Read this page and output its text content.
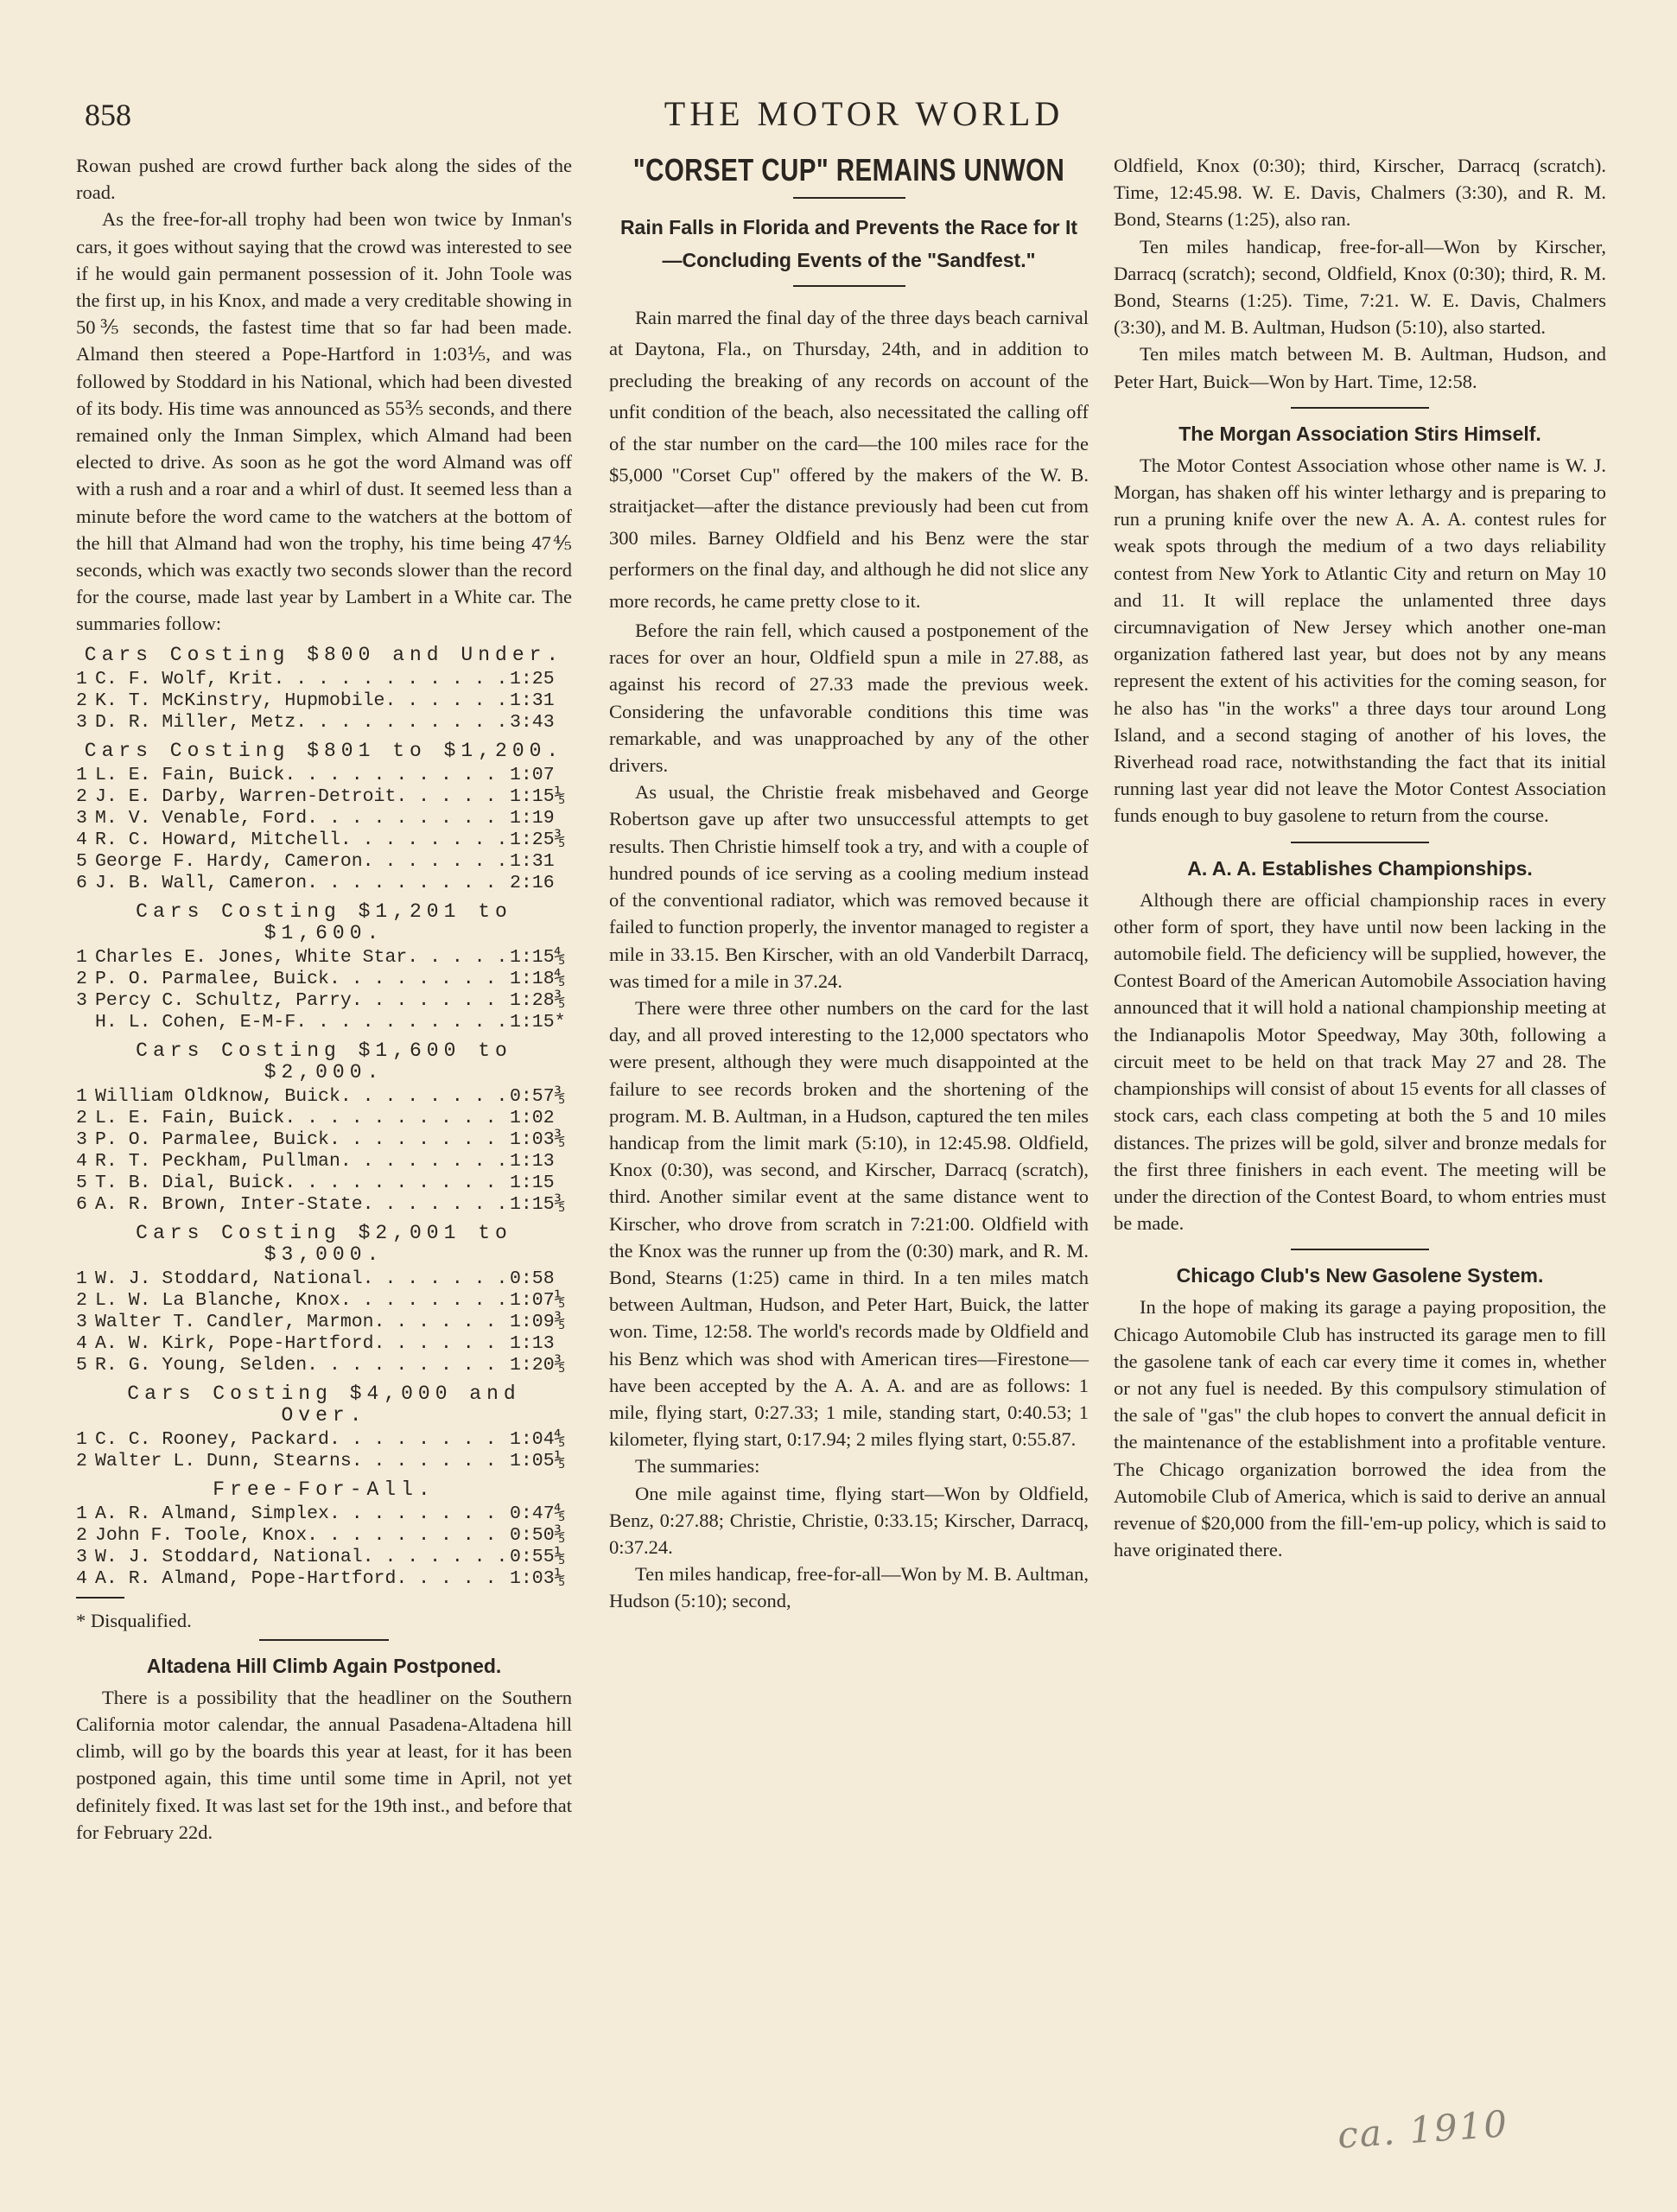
858	THE MOTOR WORLD

Rowan pushed are crowd further back along the sides of the road.

As the free-for-all trophy had been won twice by Inman's cars, it goes without saying that the crowd was interested to see if he would gain permanent possession of it. John Toole was the first up, in his Knox, and made a very creditable showing in 50⅗ seconds, the fastest time that so far had been made. Almand then steered a Pope-Hartford in 1:03⅕, and was followed by Stoddard in his National, which had been divested of its body. His time was announced as 55⅗ seconds, and there remained only the Inman Simplex, which Almand had been elected to drive. As soon as he got the word Almand was off with a rush and a roar and a whirl of dust. It seemed less than a minute before the word came to the watchers at the bottom of the hill that Almand had won the trophy, his time being 47⅘ seconds, which was exactly two seconds slower than the record for the course, made last year by Lambert in a White car. The summaries follow:

Cars Costing $800 and Under.
1 C. F. Wolf, Krit . . .	1:25
2 K. T. McKinstry, Hupmobile . . .	1:31
3 D. R. Miller, Metz . . .	3:43
Cars Costing $801 to $1,200.
1 L. E. Fain, Buick . . .	1:07
2 J. E. Darby, Warren-Detroit . . .	1:15⅕
3 M. V. Venable, Ford . . .	1:19
4 R. C. Howard, Mitchell . . .	1:25⅗
5 George F. Hardy, Cameron . . .	1:31
6 J. B. Wall, Cameron . . .	2:16
Cars Costing $1,201 to $1,600.
1 Charles E. Jones, White Star . . .	1:15⅘
2 P. O. Parmalee, Buick . . .	1:18⅘
3 Percy C. Schultz, Parry . . .	1:28⅗
H. L. Cohen, E-M-F . . .	1:15*
Cars Costing $1,600 to $2,000.
1 William Oldknow, Buick . . .	0:57⅗
2 L. E. Fain, Buick . . .	1:02
3 P. O. Parmalee, Buick . . .	1:03⅗
4 R. T. Peckham, Pullman . . .	1:13
5 T. B. Dial, Buick . . .	1:15
6 A. R. Brown, Inter-State . . .	1:15⅗
Cars Costing $2,001 to $3,000.
1 W. J. Stoddard, National . . .	0:58
2 L. W. La Blanche, Knox . . .	1:07⅕
3 Walter T. Candler, Marmon . . .	1:09⅗
4 A. W. Kirk, Pope-Hartford . . .	1:13
5 R. G. Young, Selden . . .	1:20⅗
Cars Costing $4,000 and Over.
1 C. C. Rooney, Packard . . .	1:04⅘
2 Walter L. Dunn, Stearns . . .	1:05⅕
Free-For-All.
1 A. R. Almand, Simplex . . .	0:47⅘
2 John F. Toole, Knox . . .	0:50⅗
3 W. J. Stoddard, National . . .	0:55⅕
4 A. R. Almand, Pope-Hartford . . .	1:03⅕

* Disqualified.

Altadena Hill Climb Again Postponed.

There is a possibility that the headliner on the Southern California motor calendar, the annual Pasadena-Altadena hill climb, will go by the boards this year at least, for it has been postponed again, this time until some time in April, not yet definitely fixed. It was last set for the 19th inst., and before that for February 22d.

"CORSET CUP" REMAINS UNWON
Rain Falls in Florida and Prevents the Race for It—Concluding Events of the "Sandfest."

Rain marred the final day of the three days beach carnival at Daytona, Fla., on Thursday, 24th, and in addition to precluding the breaking of any records on account of the unfit condition of the beach, also necessitated the calling off of the star number on the card—the 100 miles race for the $5,000 "Corset Cup" offered by the makers of the W. B. straitjacket—after the distance previously had been cut from 300 miles. Barney Oldfield and his Benz were the star performers on the final day, and although he did not slice any more records, he came pretty close to it.

Before the rain fell, which caused a postponement of the races for over an hour, Oldfield spun a mile in 27.88, as against his record of 27.33 made the previous week. Considering the unfavorable conditions this time was remarkable, and was unapproached by any of the other drivers.

As usual, the Christie freak misbehaved and George Robertson gave up after two unsuccessful attempts to get results. Then Christie himself took a try, and with a couple of hundred pounds of ice serving as a cooling medium instead of the conventional radiator, which was removed because it failed to function properly, the inventor managed to register a mile in 33.15. Ben Kirscher, with an old Vanderbilt Darracq, was timed for a mile in 37.24.

There were three other numbers on the card for the last day, and all proved interesting to the 12,000 spectators who were present, although they were much disappointed at the failure to see records broken and the shortening of the program. M. B. Aultman, in a Hudson, captured the ten miles handicap from the limit mark (5:10), in 12:45.98. Oldfield, Knox (0:30), was second, and Kirscher, Darracq (scratch), third. Another similar event at the same distance went to Kirscher, who drove from scratch in 7:21:00. Oldfield with the Knox was the runner up from the (0:30) mark, and R. M. Bond, Stearns (1:25) came in third. In a ten miles match between Aultman, Hudson, and Peter Hart, Buick, the latter won. Time, 12:58. The world's records made by Oldfield and his Benz which was shod with American tires—Firestone—have been accepted by the A. A. A. and are as follows: 1 mile, flying start, 0:27.33; 1 mile, standing start, 0:40.53; 1 kilometer, flying start, 0:17.94; 2 miles flying start, 0:55.87.

The summaries:

One mile against time, flying start—Won by Oldfield, Benz, 0:27.88; Christie, Christie, 0:33.15; Kirscher, Darracq, 0:37.24.

Ten miles handicap, free-for-all—Won by M. B. Aultman, Hudson (5:10); second,

Oldfield, Knox (0:30); third, Kirscher, Darracq (scratch). Time, 12:45.98. W. E. Davis, Chalmers (3:30), and R. M. Bond, Stearns (1:25), also ran.

Ten miles handicap, free-for-all—Won by Kirscher, Darracq (scratch); second, Oldfield, Knox (0:30); third, R. M. Bond, Stearns (1:25). Time, 7:21. W. E. Davis, Chalmers (3:30), and M. B. Aultman, Hudson (5:10), also started.

Ten miles match between M. B. Aultman, Hudson, and Peter Hart, Buick—Won by Hart. Time, 12:58.

The Morgan Association Stirs Himself.

The Motor Contest Association whose other name is W. J. Morgan, has shaken off his winter lethargy and is preparing to run a pruning knife over the new A. A. A. contest rules for weak spots through the medium of a two days reliability contest from New York to Atlantic City and return on May 10 and 11. It will replace the unlamented three days circumnavigation of New Jersey which another one-man organization fathered last year, but does not by any means represent the extent of his activities for the coming season, for he also has "in the works" a three days tour around Long Island, and a second staging of another of his loves, the Riverhead road race, notwithstanding the fact that its initial running last year did not leave the Motor Contest Association funds enough to buy gasolene to return from the course.

A. A. A. Establishes Championships.

Although there are official championship races in every other form of sport, they have until now been lacking in the automobile field. The deficiency will be supplied, however, the Contest Board of the American Automobile Association having announced that it will hold a national championship meeting at the Indianapolis Motor Speedway, May 30th, following a circuit meet to be held on that track May 27 and 28. The championships will consist of about 15 events for all classes of stock cars, each class competing at both the 5 and 10 miles distances. The prizes will be gold, silver and bronze medals for the first three finishers in each event. The meeting will be under the direction of the Contest Board, to whom entries must be made.

Chicago Club's New Gasolene System.

In the hope of making its garage a paying proposition, the Chicago Automobile Club has instructed its garage men to fill the gasolene tank of each car every time it comes in, whether or not any fuel is needed. By this compulsory stimulation of the sale of "gas" the club hopes to convert the annual deficit in the maintenance of the establishment into a profitable venture. The Chicago organization borrowed the idea from the Automobile Club of America, which is said to derive an annual revenue of $20,000 from the fill-'em-up policy, which is said to have originated there.

ca. 1910
